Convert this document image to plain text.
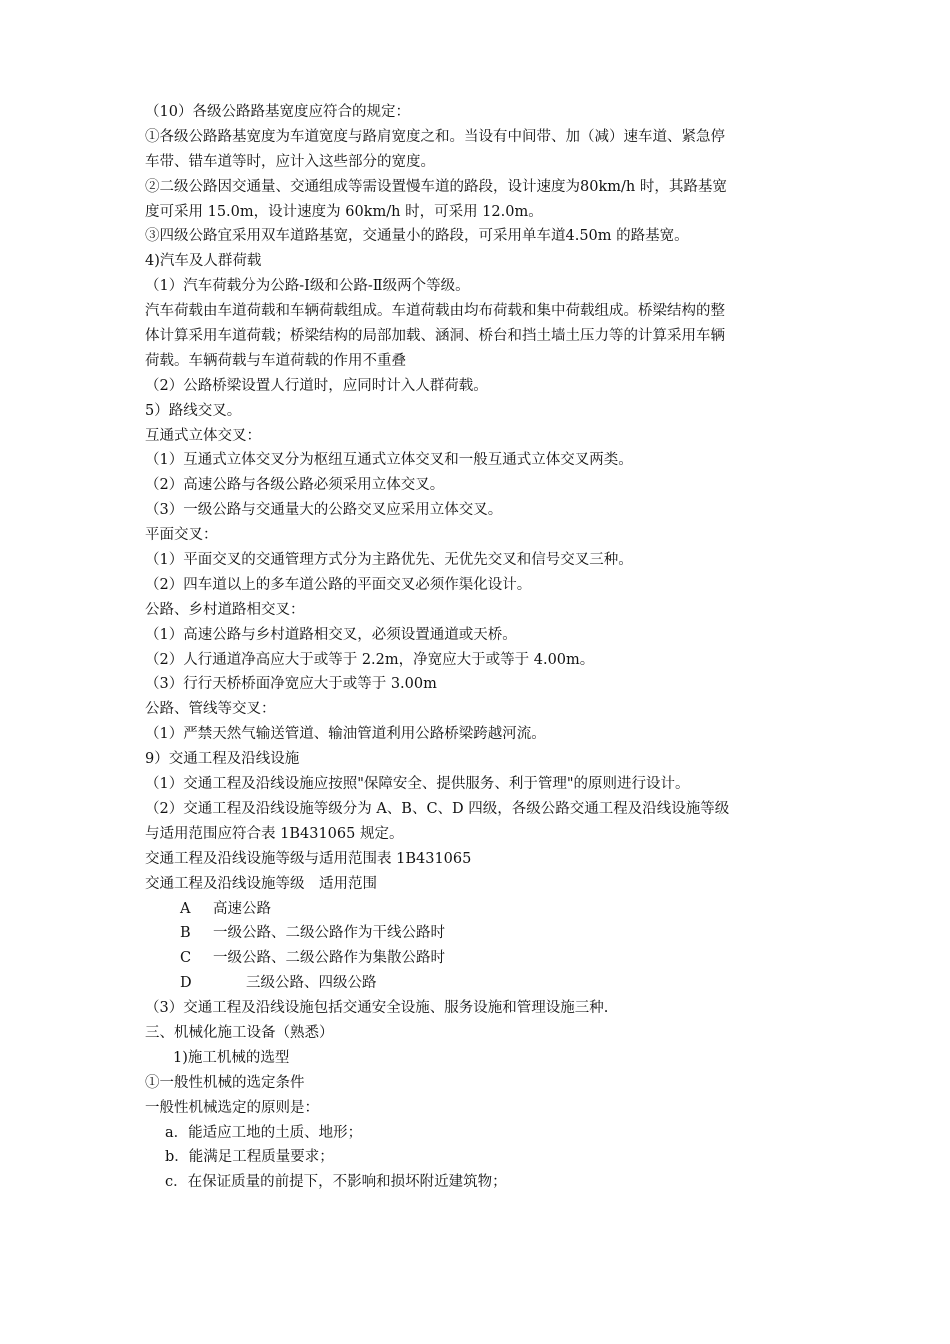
（10）各级公路路基宽度应符合的规定：
①各级公路路基宽度为车道宽度与路肩宽度之和。当设有中间带、加（减）速车道、紧急停
车带、错车道等时，应计入这些部分的宽度。
②二级公路因交通量、交通组成等需设置慢车道的路段，设计速度为80km/h 时，其路基宽
度可采用 15.0m，设计速度为 60km/h 时，可采用 12.0m。
③四级公路宜采用双车道路基宽，交通量小的路段，可采用单车道4.50m 的路基宽。
4)汽车及人群荷载
（1）汽车荷载分为公路-Ⅰ级和公路-Ⅱ级两个等级。
汽车荷载由车道荷载和车辆荷载组成。车道荷载由均布荷载和集中荷载组成。桥梁结构的整
体计算采用车道荷载；桥梁结构的局部加载、涵洞、桥台和挡土墙土压力等的计算采用车辆
荷载。车辆荷载与车道荷载的作用不重叠
（2）公路桥梁设置人行道时，应同时计入人群荷载。
5）路线交叉。
互通式立体交叉：
（1）互通式立体交叉分为枢纽互通式立体交叉和一般互通式立体交叉两类。
（2）高速公路与各级公路必须采用立体交叉。
（3）一级公路与交通量大的公路交叉应采用立体交叉。
平面交叉：
（1）平面交叉的交通管理方式分为主路优先、无优先交叉和信号交叉三种。
（2）四车道以上的多车道公路的平面交叉必须作渠化设计。
公路、乡村道路相交叉：
（1）高速公路与乡村道路相交叉，必须设置通道或天桥。
（2）人行通道净高应大于或等于 2.2m，净宽应大于或等于 4.00m。
（3）行行天桥桥面净宽应大于或等于 3.00m
公路、管线等交叉：
（1）严禁天然气输送管道、输油管道利用公路桥梁跨越河流。
9）交通工程及沿线设施
（1）交通工程及沿线设施应按照"保障安全、提供服务、利于管理"的原则进行设计。
（2）交通工程及沿线设施等级分为 A、B、C、D 四级，各级公路交通工程及沿线设施等级
与适用范围应符合表 1B431065 规定。
交通工程及沿线设施等级与适用范围表 1B431065
交通工程及沿线设施等级　适用范围
A 高速公路
B 一级公路、二级公路作为干线公路时
C 一级公路、二级公路作为集散公路时
D	三级公路、四级公路
（3）交通工程及沿线设施包括交通安全设施、服务设施和管理设施三种.
三、机械化施工设备（熟悉）
1)施工机械的选型
①一般性机械的选定条件
一般性机械选定的原则是：
a．能适应工地的土质、地形；
b．能满足工程质量要求；
c．在保证质量的前提下，不影响和损坏附近建筑物；
